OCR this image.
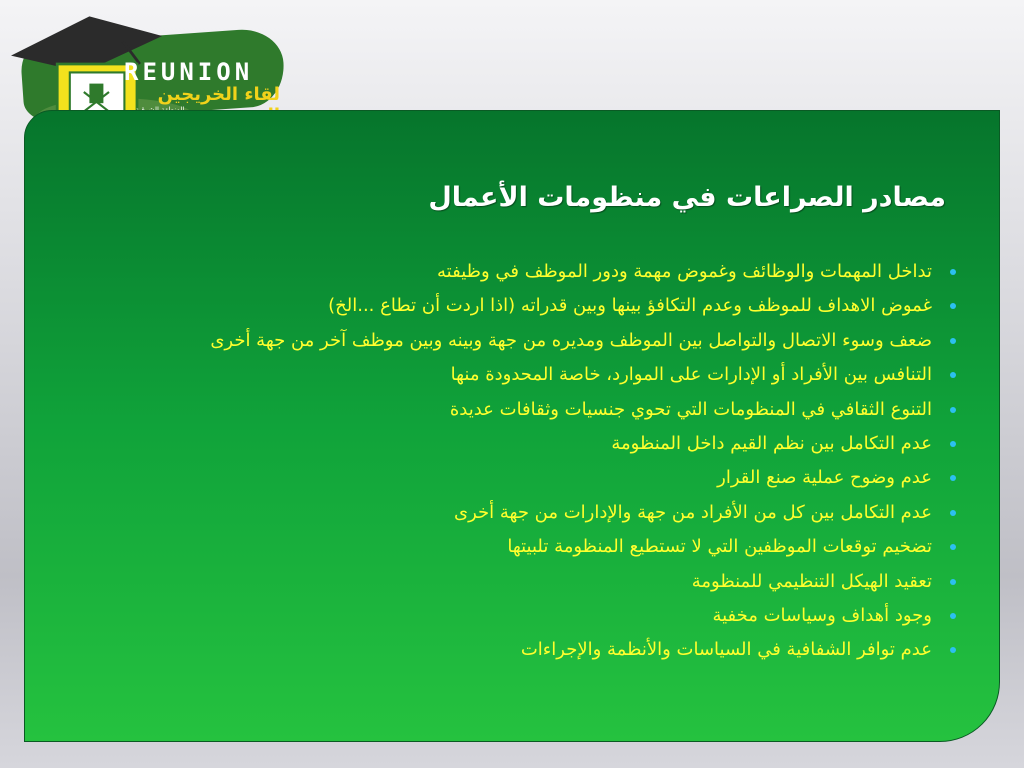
REUNION
لقاء الخريجين
مصادر الصراعات في منظومات الأعمال
تداخل المهمات والوظائف وغموض مهمة ودور الموظف في وظيفته
غموض الاهداف للموظف وعدم التكافؤ بينها وبين قدراته (اذا اردت أن تطاع ...الخ)
ضعف وسوء الاتصال والتواصل بين الموظف ومديره من جهة وبينه وبين موظف آخر من جهة أخرى
التنافس بين الأفراد أو الإدارات على الموارد، خاصة المحدودة منها
التنوع الثقافي في المنظومات التي تحوي جنسيات وثقافات عديدة
عدم التكامل بين نظم القيم داخل المنظومة
عدم وضوح عملية صنع القرار
عدم التكامل بين كل من الأفراد من جهة والإدارات من جهة أخرى
تضخيم توقعات الموظفين التي لا تستطيع المنظومة تلبيتها
تعقيد الهيكل التنظيمي للمنظومة
وجود أهداف وسياسات مخفية
عدم توافر الشفافية في السياسات والأنظمة والإجراءات
